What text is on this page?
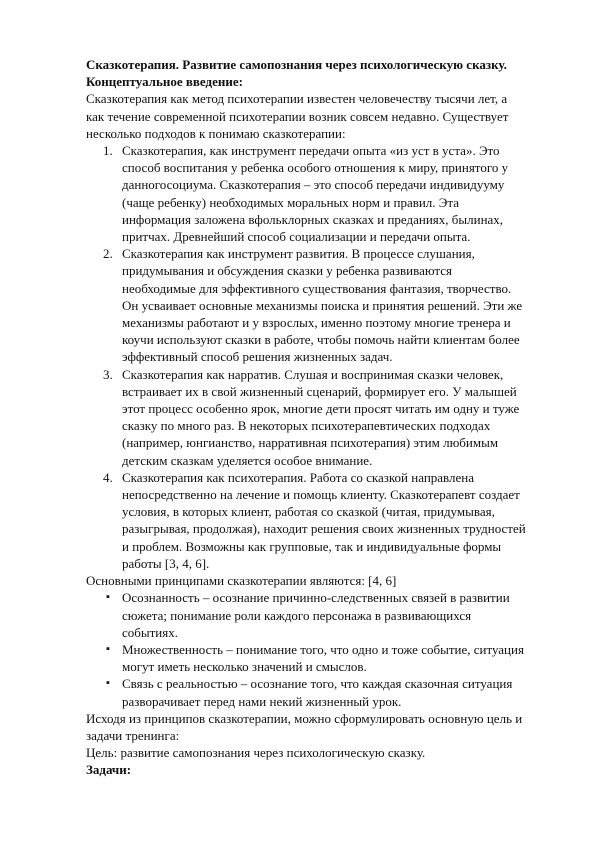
Сказкотерапия. Развитие самопознания через психологическую сказку.
Концептуальное введение:
Сказкотерапия как метод психотерапии известен человечеству тысячи лет, а
как течение современной психотерапии возник совсем недавно. Существует
несколько подходов к понимаю сказкотерапии:
1. Сказкотерапия, как инструмент передачи опыта «из уст в уста». Это
способ воспитания у ребенка особого отношения к миру, принятого у
данногосоциума. Сказкотерапия – это способ передачи индивидууму
(чаще ребенку) необходимых моральных норм и правил. Эта
информация заложена вфольклорных сказках и преданиях, былинах,
притчах. Древнейший способ социализации и передачи опыта.
2. Сказкотерапия как инструмент развития. В процессе слушания,
придумывания и обсуждения сказки у ребенка развиваются
необходимые для эффективного существования фантазия, творчество.
Он усваивает основные механизмы поиска и принятия решений. Эти же
механизмы работают и у взрослых, именно поэтому многие тренера и
коучи используют сказки в работе, чтобы помочь найти клиентам более
эффективный способ решения жизненных задач.
3. Сказкотерапия как нарратив. Слушая и воспринимая сказки человек,
встраивает их в свой жизненный сценарий, формирует его. У малышей
этот процесс особенно ярок, многие дети просят читать им одну и туже
сказку по много раз. В некоторых психотерапевтических подходах
(например, юнгианство, нарративная психотерапия) этим любимым
детским сказкам уделяется особое внимание.
4. Сказкотерапия как психотерапия. Работа со сказкой направлена
непосредственно на лечение и помощь клиенту. Сказкотерапевт создает
условия, в которых клиент, работая со сказкой (читая, придумывая,
разыгрывая, продолжая), находит решения своих жизненных трудностей
и проблем. Возможны как групповые, так и индивидуальные формы
работы [3, 4, 6].
Основными принципами сказкотерапии являются: [4, 6]
▪ Осознанность – осознание причинно-следственных связей в развитии
сюжета; понимание роли каждого персонажа в развивающихся
событиях.
▪ Множественность – понимание того, что одно и тоже событие, ситуация
могут иметь несколько значений и смыслов.
▪ Связь с реальностью – осознание того, что каждая сказочная ситуация
разворачивает перед нами некий жизненный урок.
Исходя из принципов сказкотерапии, можно сформулировать основную цель и
задачи тренинга:
Цель: развитие самопознания через психологическую сказку.
Задачи:
